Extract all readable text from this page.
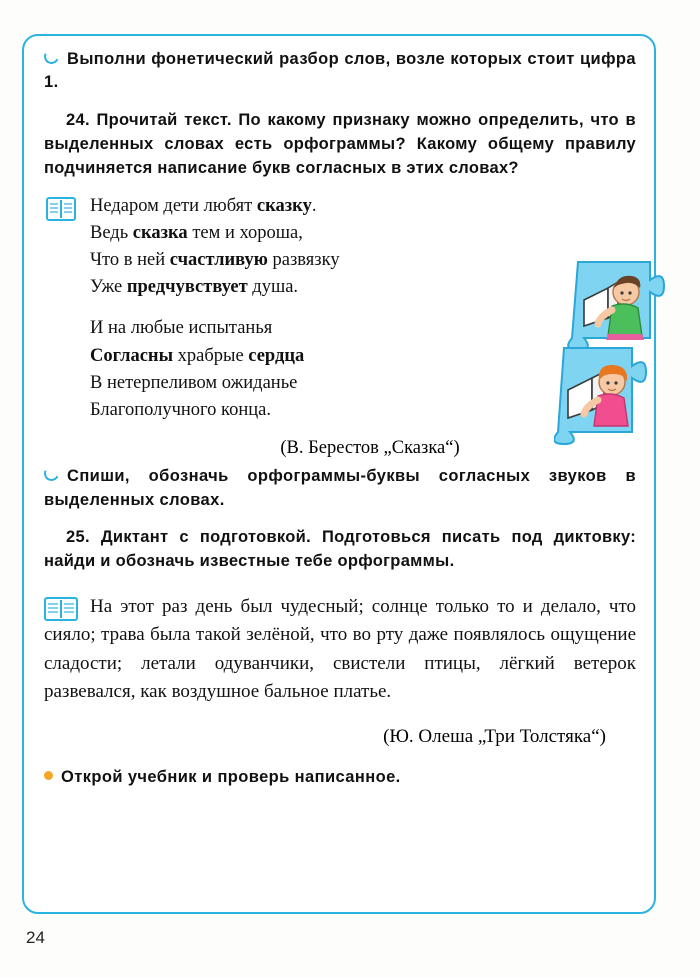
Выполни фонетический разбор слов, возле которых стоит цифра 1.

24. Прочитай текст. По какому признаку можно определить, что в выделенных словах есть орфограммы? Какому общему правилу подчиняется написание букв согласных в этих словах?

Недаром дети любят сказку.
Ведь сказка тем и хороша,
Что в ней счастливую развязку
Уже предчувствует душа.
И на любые испытанья
Согласны храбрые сердца
В нетерпеливом ожиданье
Благополучного конца.
(В. Берестов „Сказка“)

Спиши, обозначь орфограммы-буквы согласных звуков в выделенных словах.

25. Диктант с подготовкой. Подготовься писать под диктовку: найди и обозначь известные тебе орфограммы.

На этот раз день был чудесный; солнце только то и делало, что сияло; трава была такой зелёной, что во рту даже появлялось ощущение сладости; летали одуванчики, свистели птицы, лёгкий ветерок развевался, как воздушное бальное платье.

(Ю. Олеша „Три Толстяка“)

Открой учебник и проверь написанное.

24
